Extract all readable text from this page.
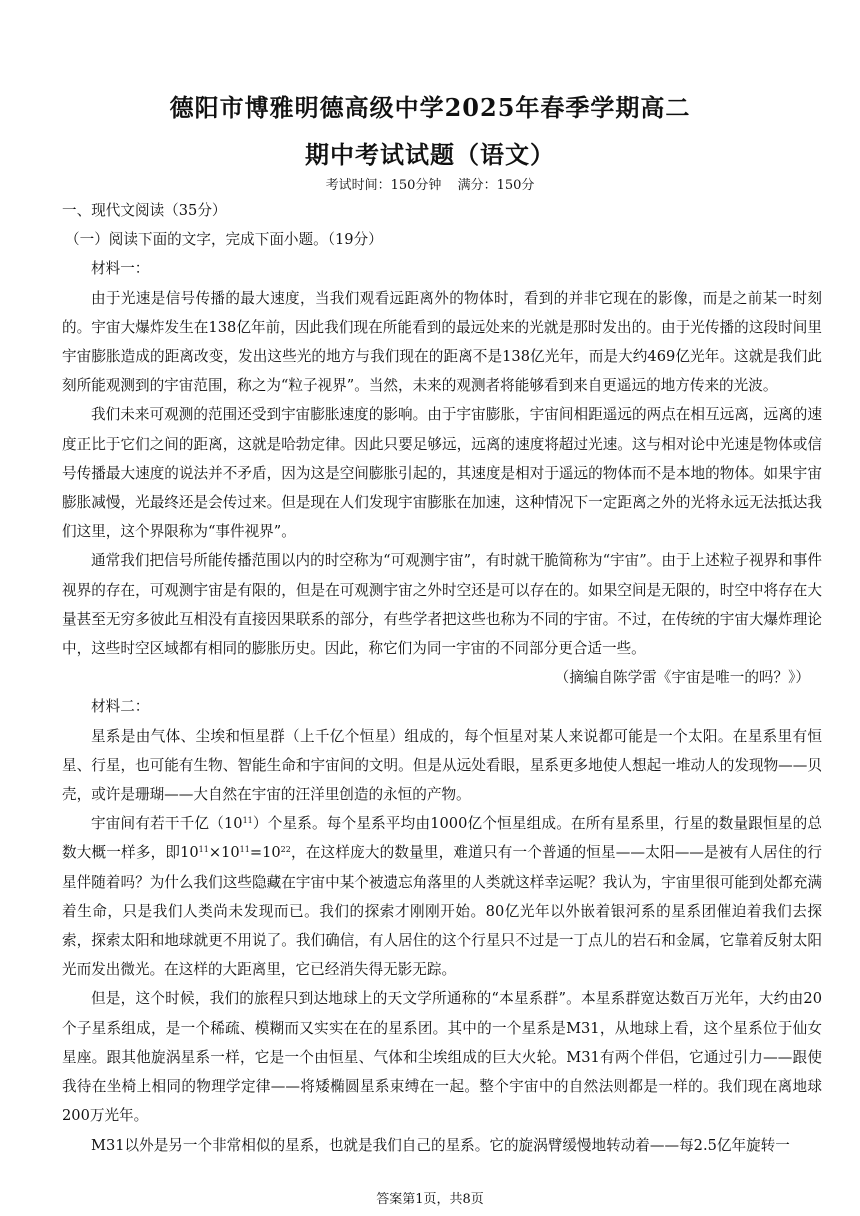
德阳市博雅明德高级中学2025年春季学期高二
期中考试试题（语文）
考试时间：150分钟 满分：150分

一、现代文阅读（35分）

（一）阅读下面的文字，完成下面小题。（19分）

材料一：

由于光速是信号传播的最大速度，当我们观看远距离外的物体时，看到的并非它现在的影像，而是之前某一时刻的。宇宙大爆炸发生在138亿年前，因此我们现在所能看到的最远处来的光就是那时发出的。由于光传播的这段时间里宇宙膨胀造成的距离改变，发出这些光的地方与我们现在的距离不是138亿光年，而是大约469亿光年。这就是我们此刻所能观测到的宇宙范围，称之为“粒子视界”。当然，未来的观测者将能够看到来自更遥远的地方传来的光波。

我们未来可观测的范围还受到宇宙膨胀速度的影响。由于宇宙膨胀，宇宙间相距遥远的两点在相互远离，远离的速度正比于它们之间的距离，这就是哈勃定律。因此只要足够远，远离的速度将超过光速。这与相对论中光速是物体或信号传播最大速度的说法并不矛盾，因为这是空间膨胀引起的，其速度是相对于遥远的物体而不是本地的物体。如果宇宙膨胀减慢，光最终还是会传过来。但是现在人们发现宇宙膨胀在加速，这种情况下一定距离之外的光将永远无法抵达我们这里，这个界限称为“事件视界”。

通常我们把信号所能传播范围以内的时空称为“可观测宇宙”，有时就干脆简称为“宇宙”。由于上述粒子视界和事件视界的存在，可观测宇宙是有限的，但是在可观测宇宙之外时空还是可以存在的。如果空间是无限的，时空中将存在大量甚至无穷多彼此互相没有直接因果联系的部分，有些学者把这些也称为不同的宇宙。不过，在传统的宇宙大爆炸理论中，这些时空区域都有相同的膨胀历史。因此，称它们为同一宇宙的不同部分更合适一些。

（摘编自陈学雷《宇宙是唯一的吗？》）

材料二：

星系是由气体、尘埃和恒星群（上千亿个恒星）组成的，每个恒星对某人来说都可能是一个太阳。在星系里有恒星、行星，也可能有生物、智能生命和宇宙间的文明。但是从远处看眼，星系更多地使人想起一堆动人的发现物——贝壳，或许是珊瑚——大自然在宇宙的汪洋里创造的永恒的产物。

宇宙间有若干千亿$(10^{11})$个星系。每个星系平均由1000亿个恒星组成。在所有星系里，行星的数量跟恒星的总数大概一样多，即$10^{11}\times 10^{11}=10^{22}$，在这样庞大的数量里，难道只有一个普通的恒星——太阳——是被有人居住的行星伴随着吗？为什么我们这些隐藏在宇宙中某个被遗忘角落里的人类就这样幸运呢？我认为，宇宙里很可能到处都充满着生命，只是我们人类尚未发现而已。我们的探索才刚刚开始。80亿光年以外嵌着银河系的星系团催迫着我们去探索，探索太阳和地球就更不用说了。我们确信，有人居住的这个行星只不过是一丁点儿的岩石和金属，它靠着反射太阳光而发出微光。在这样的大距离里，它已经消失得无影无踪。

但是，这个时候，我们的旅程只到达地球上的天文学所通称的“本星系群”。本星系群宽达数百万光年，大约由20个子星系组成，是一个稀疏、模糊而又实实在在的星系团。其中的一个星系是M31，从地球上看，这个星系位于仙女星座。跟其他旋涡星系一样，它是一个由恒星、气体和尘埃组成的巨大火轮。M31有两个伴侣，它通过引力——跟使我待在坐椅上相同的物理学定律——将矮椭圆星系束缚在一起。整个宇宙中的自然法则都是一样的。我们现在离地球200万光年。

M31以外是另一个非常相似的星系，也就是我们自己的星系。它的旋涡臂缓慢地转动着——每2.5亿年旋转一

答案第1页，共8页
